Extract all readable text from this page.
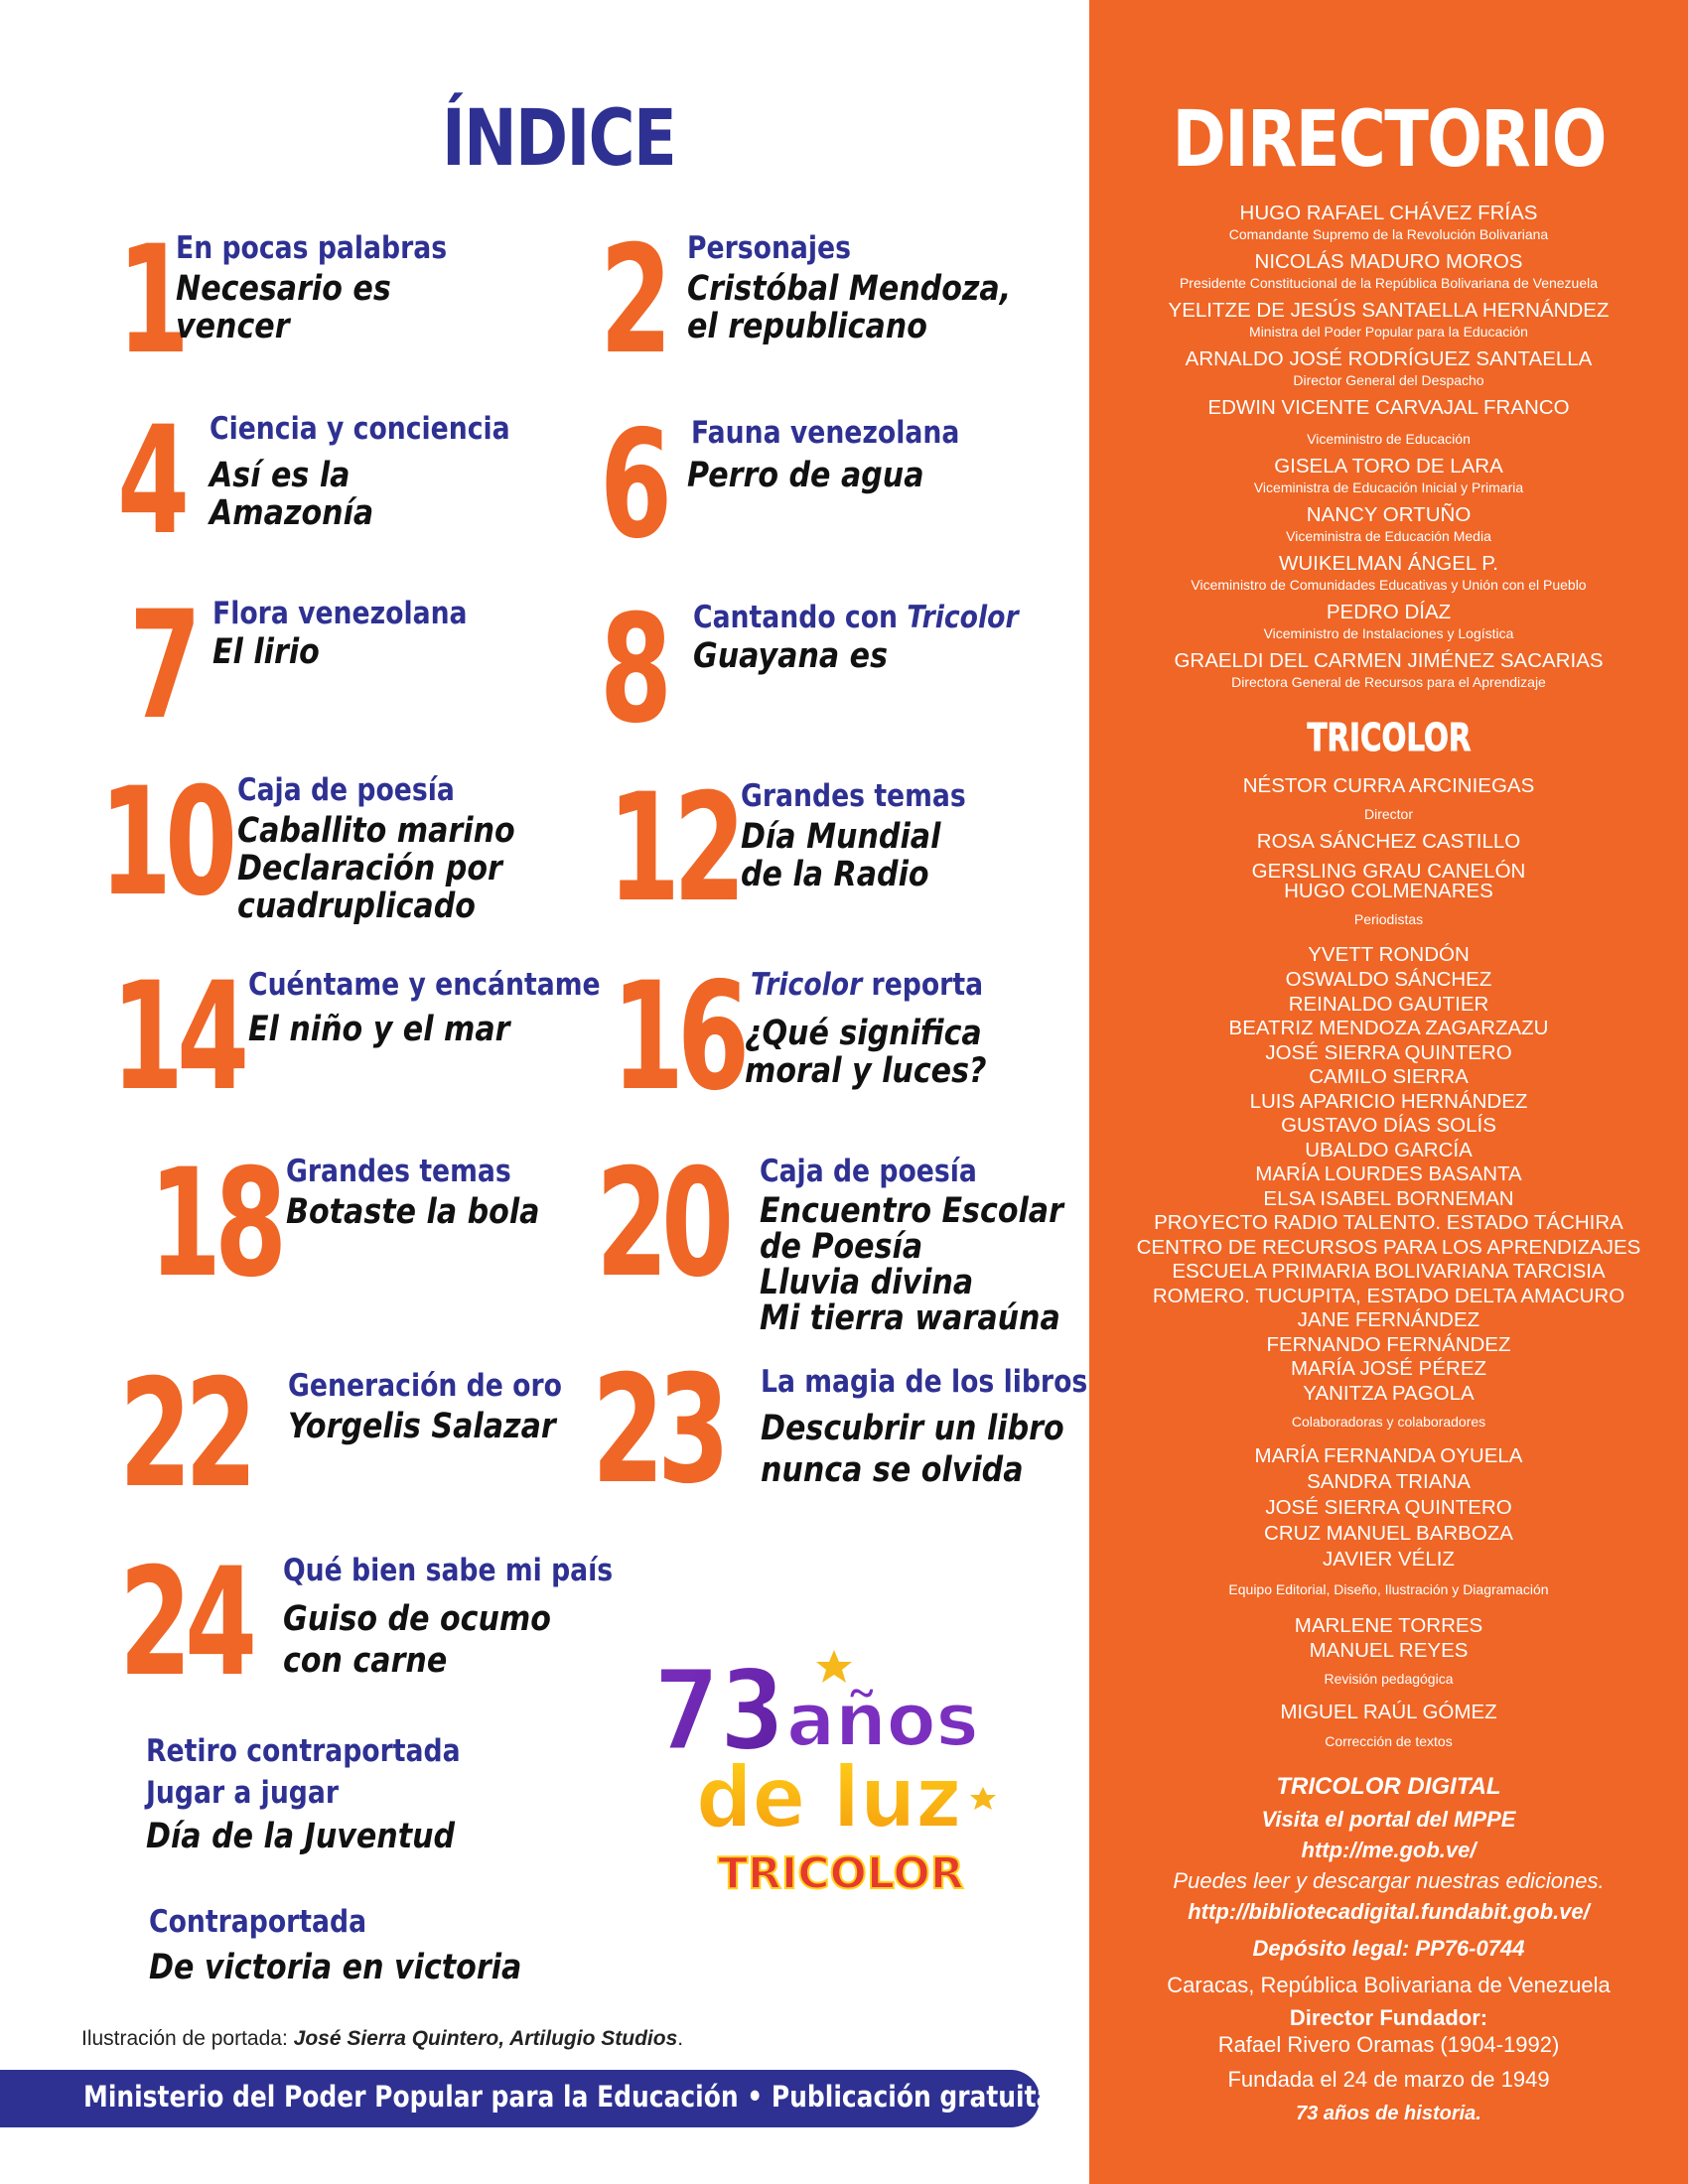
ÍNDICE
1
En pocas palabras
Necesario es
vencer	2 Personajes
Cristóbal Mendoza,
el republicano
4 Ciencia y conciencia
Así es la
Amazonía 6 Fauna venezolana
Perro de agua
7 Flora venezolana
El lirio 8 Cantando con Tricolor
Guayana es
10 Caja de poesía
Caballito marino
Declaración por
cuadruplicado 12 Grandes temas
Día Mundial
de la Radio
14 Cuéntame y encántame
El niño y el mar 16 Tricolor reporta
¿Qué significa
moral y luces?
18 Grandes temas
Botaste la bola 20 Caja de poesía
Encuentro Escolar
de Poesía
Lluvia divina
Mi tierra waraúna
22 Generación de oro
Yorgelis Salazar 23 La magia de los libros
Descubrir un libro
nunca se olvida
24 Qué bien sabe mi país
Guiso de ocumo
con carne
Retiro contraportada
Jugar a jugar
Día de la Juventud
Contraportada
De victoria en victoria
73 años
de luz
TRICOLOR
Ilustración de portada: José Sierra Quintero, Artilugio Studios.
Ministerio del Poder Popular para la Educación • Publicación gratuita
DIRECTORIO
HUGO RAFAEL CHÁVEZ FRÍAS
Comandante Supremo de la Revolución Bolivariana
NICOLÁS MADURO MOROS
Presidente Constitucional de la República Bolivariana de Venezuela
YELITZE DE JESÚS SANTAELLA HERNÁNDEZ
Ministra del Poder Popular para la Educación
ARNALDO JOSÉ RODRÍGUEZ SANTAELLA
Director General del Despacho
EDWIN VICENTE CARVAJAL FRANCO
Viceministro de Educación
GISELA TORO DE LARA
Viceministra de Educación Inicial y Primaria
NANCY ORTUÑO
Viceministra de Educación Media
WUIKELMAN ÁNGEL P.
Viceministro de Comunidades Educativas y Unión con el Pueblo
PEDRO DÍAZ
Viceministro de Instalaciones y Logística
GRAELDI DEL CARMEN JIMÉNEZ SACARIAS
Directora General de Recursos para el Aprendizaje
TRICOLOR
NÉSTOR CURRA ARCINIEGAS
Director
ROSA SÁNCHEZ CASTILLO
GERSLING GRAU CANELÓN
HUGO COLMENARES
Periodistas
YVETT RONDÓN
OSWALDO SÁNCHEZ
REINALDO GAUTIER
BEATRIZ MENDOZA ZAGARZAZU
JOSÉ SIERRA QUINTERO
CAMILO SIERRA
LUIS APARICIO HERNÁNDEZ
GUSTAVO DÍAS SOLÍS
UBALDO GARCÍA
MARÍA LOURDES BASANTA
ELSA ISABEL BORNEMAN
PROYECTO RADIO TALENTO. ESTADO TÁCHIRA
CENTRO DE RECURSOS PARA LOS APRENDIZAJES
ESCUELA PRIMARIA BOLIVARIANA TARCISIA
ROMERO. TUCUPITA, ESTADO DELTA AMACURO
JANE FERNÁNDEZ
FERNANDO FERNÁNDEZ
MARÍA JOSÉ PÉREZ
YANITZA PAGOLA
Colaboradoras y colaboradores
MARÍA FERNANDA OYUELA
SANDRA TRIANA
JOSÉ SIERRA QUINTERO
CRUZ MANUEL BARBOZA
JAVIER VÉLIZ
Equipo Editorial, Diseño, Ilustración y Diagramación
MARLENE TORRES
MANUEL REYES
Revisión pedagógica
MIGUEL RAÚL GÓMEZ
Corrección de textos
TRICOLOR DIGITAL
Visita el portal del MPPE
http://me.gob.ve/
Puedes leer y descargar nuestras ediciones.
http://bibliotecadigital.fundabit.gob.ve/
Depósito legal: PP76-0744
Caracas, República Bolivariana de Venezuela
Director Fundador:
Rafael Rivero Oramas (1904-1992)
Fundada el 24 de marzo de 1949
73 años de historia.
